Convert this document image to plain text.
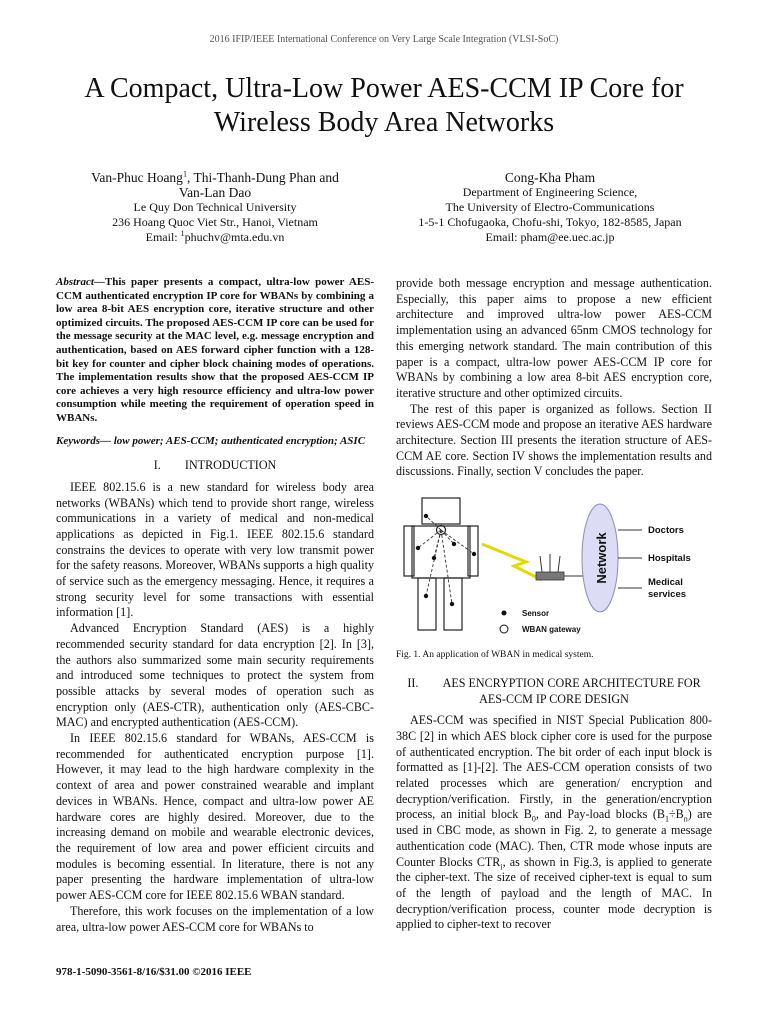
2016 IFIP/IEEE International Conference on Very Large Scale Integration (VLSI-SoC)
A Compact, Ultra-Low Power AES-CCM IP Core for
Wireless Body Area Networks
Van-Phuc Hoang$^1$, Thi-Thanh-Dung Phan and
Van-Lan Dao
Le Quy Don Technical University
236 Hoang Quoc Viet Str., Hanoi, Vietnam
Email: $^1$phuchv@mta.edu.vn
Cong-Kha Pham
Department of Engineering Science,
The University of Electro-Communications
1-5-1 Chofugaoka, Chofu-shi, Tokyo, 182-8585, Japan
Email: pham@ee.uec.ac.jp

Abstract—This paper presents a compact, ultra-low power AES-CCM authenticated encryption IP core for WBANs by combining a low area 8-bit AES encryption core, iterative structure and other optimized circuits. The proposed AES-CCM IP core can be used for the message security at the MAC level, e.g. message encryption and authentication, based on AES forward cipher function with a 128-bit key for counter and cipher block chaining modes of operations. The implementation results show that the proposed AES-CCM IP core achieves a very high resource efficiency and ultra-low power consumption while meeting the requirement of operation speed in WBANs.

Keywords— low power; AES-CCM; authenticated encryption; ASIC

I.  INTRODUCTION

IEEE 802.15.6 is a new standard for wireless body area networks (WBANs) which tend to provide short range, wireless communications in a variety of medical and non-medical applications as depicted in Fig.1. IEEE 802.15.6 standard constrains the devices to operate with very low transmit power for the safety reasons. Moreover, WBANs supports a high quality of service such as the emergency messaging. Hence, it requires a strong security level for some transactions with essential information [1].

Advanced Encryption Standard (AES) is a highly recommended security standard for data encryption [2]. In [3], the authors also summarized some main security requirements and introduced some techniques to protect the system from possible attacks by several modes of operation such as encryption only (AES-CTR), authentication only (AES-CBC-MAC) and encrypted authentication (AES-CCM).

In IEEE 802.15.6 standard for WBANs, AES-CCM is recommended for authenticated encryption purpose [1]. However, it may lead to the high hardware complexity in the context of area and power constrained wearable and implant devices in WBANs. Hence, compact and ultra-low power AE hardware cores are highly desired. Moreover, due to the increasing demand on mobile and wearable electronic devices, the requirement of low area and power efficient circuits and modules is becoming essential. In literature, there is not any paper presenting the hardware implementation of ultra-low power AES-CCM core for IEEE 802.15.6 WBAN standard.

Therefore, this work focuses on the implementation of a low area, ultra-low power AES-CCM core for WBANs to

provide both message encryption and message authentication. Especially, this paper aims to propose a new efficient architecture and improved ultra-low power AES-CCM implementation using an advanced 65nm CMOS technology for this emerging network standard. The main contribution of this paper is a compact, ultra-low power AES-CCM IP core for WBANs by combining a low area 8-bit AES encryption core, iterative structure and other optimized circuits.

The rest of this paper is organized as follows. Section II reviews AES-CCM mode and propose an iterative AES hardware architecture. Section III presents the iteration structure of AES-CCM AE core. Section IV shows the implementation results and discussions. Finally, section V concludes the paper.

Network
Doctors
Hospitals
Medical
services
Sensor
WBAN gateway
Fig. 1. An application of WBAN in medical system.
II.  AES ENCRYPTION CORE ARCHITECTURE FOR
AES-CCM IP CORE DESIGN

AES-CCM was specified in NIST Special Publication 800-38C [2] in which AES block cipher core is used for the purpose of authenticated encryption. The bit order of each input block is formatted as [1]-[2]. The AES-CCM operation consists of two related processes which are generation/ encryption and decryption/verification. Firstly, in the generation/encryption process, an initial block $B_0$, and Pay-load blocks $(B_1\div B_n)$ are used in CBC mode, as shown in Fig. 2, to generate a message authentication code (MAC). Then, CTR mode whose inputs are Counter Blocks $CTR_i$, as shown in Fig.3, is applied to generate the cipher-text. The size of received cipher-text is equal to sum of the length of payload and the length of MAC. In decryption/verification process, counter mode decryption is applied to cipher-text to recover

978-1-5090-3561-8/16/$31.00 ©2016 IEEE
